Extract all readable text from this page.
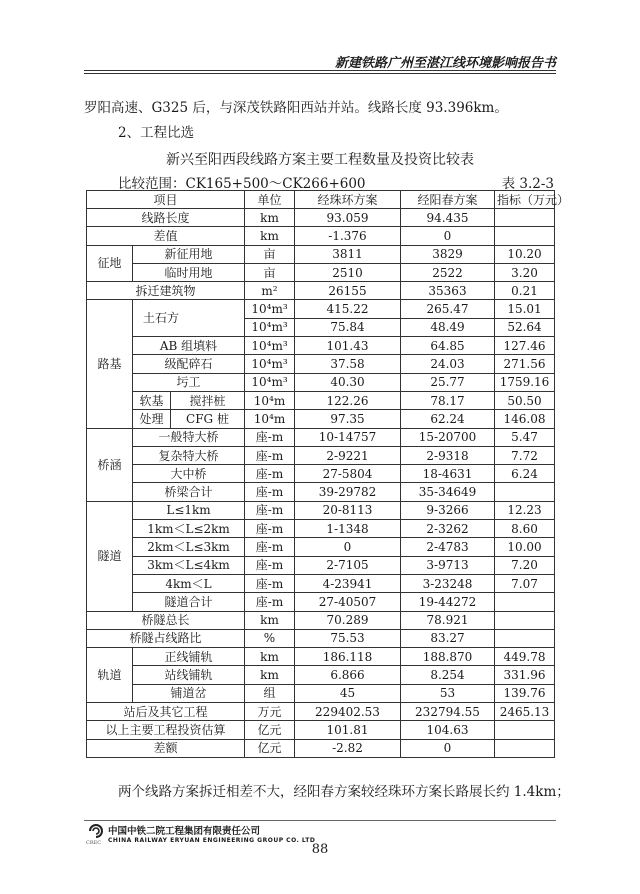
新建铁路广州至湛江线环境影响报告书
罗阳高速、G325 后，与深茂铁路阳西站并站。线路长度 93.396km。
2、工程比选
新兴至阳西段线路方案主要工程数量及投资比较表
比较范围：CK165+500～CK266+600	表 3.2-3
项目			单位	经珠环方案	经阳春方案	指标（万元）
线路长度			km	93.059	94.435	
差值			km	-1.376	0	
征地	新征用地		亩	3811	3829	10.20
	临时用地		亩	2510	2522	3.20
拆迁建筑物			m²	26155	35363	0.21
路基	土石方		10⁴m³	415.22	265.47	15.01
			10⁴m³	75.84	48.49	52.64
	AB 组填料		10⁴m³	101.43	64.85	127.46
	级配碎石		10⁴m³	37.58	24.03	271.56
	圬工		10⁴m³	40.30	25.77	1759.16
	软基	搅拌桩	10⁴m	122.26	78.17	50.50
	处理	CFG 桩	10⁴m	97.35	62.24	146.08
桥涵	一般特大桥		座-m	10-14757	15-20700	5.47
	复杂特大桥		座-m	2-9221	2-9318	7.72
	大中桥		座-m	27-5804	18-4631	6.24
	桥梁合计		座-m	39-29782	35-34649	
隧道	L≤1km		座-m	20-8113	9-3266	12.23
	1km＜L≤2km		座-m	1-1348	2-3262	8.60
	2km＜L≤3km		座-m	0	2-4783	10.00
	3km＜L≤4km		座-m	2-7105	3-9713	7.20
	4km＜L		座-m	4-23941	3-23248	7.07
	隧道合计		座-m	27-40507	19-44272	
桥隧总长			km	70.289	78.921	
桥隧占线路比			%	75.53	83.27	
轨道	正线铺轨		km	186.118	188.870	449.78
	站线铺轨		km	6.866	8.254	331.96
	铺道岔		组	45	53	139.76
站后及其它工程			万元	229402.53	232794.55	2465.13
以上主要工程投资估算			亿元	101.81	104.63	
差额			亿元	-2.82	0	
两个线路方案拆迁相差不大，经阳春方案较经珠环方案长路展长约 1.4km；
CREC
中国中铁二院工程集团有限责任公司
CHINA RAILWAY ERYUAN ENGINEERING GROUP CO. LTD
88
